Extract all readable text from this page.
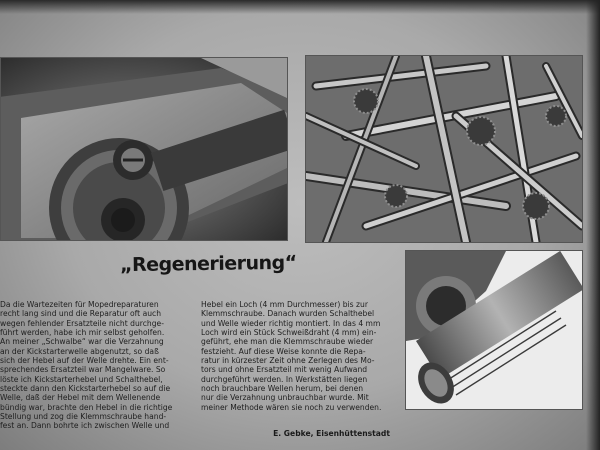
„Regenerierung“
Da die Wartezeiten für Mopedreparaturen
recht lang sind und die Reparatur oft auch
wegen fehlender Ersatzteile nicht durchge-
führt werden, habe ich mir selbst geholfen.
An meiner „Schwalbe“ war die Verzahnung
an der Kickstarterwelle abgenutzt, so daß
sich der Hebel auf der Welle drehte. Ein ent-
sprechendes Ersatzteil war Mangelware. So
löste ich Kickstarterhebel und Schalthebel,
steckte dann den Kickstarterhebel so auf die
Welle, daß der Hebel mit dem Wellenende
bündig war, brachte den Hebel in die richtige
Stellung und zog die Klemmschraube hand-
fest an. Dann bohrte ich zwischen Welle und
Hebel ein Loch (4 mm Durchmesser) bis zur
Klemmschraube. Danach wurden Schalthebel
und Welle wieder richtig montiert. In das 4 mm
Loch wird ein Stück Schweißdraht (4 mm) ein-
geführt, ehe man die Klemmschraube wieder
festzieht. Auf diese Weise konnte die Repa-
ratur in kürzester Zeit ohne Zerlegen des Mo-
tors und ohne Ersatzteil mit wenig Aufwand
durchgeführt werden. In Werkstätten liegen
noch brauchbare Wellen herum, bei denen
nur die Verzahnung unbrauchbar wurde. Mit
meiner Methode wären sie noch zu verwenden.
E. Gebke, Eisenhüttenstadt
